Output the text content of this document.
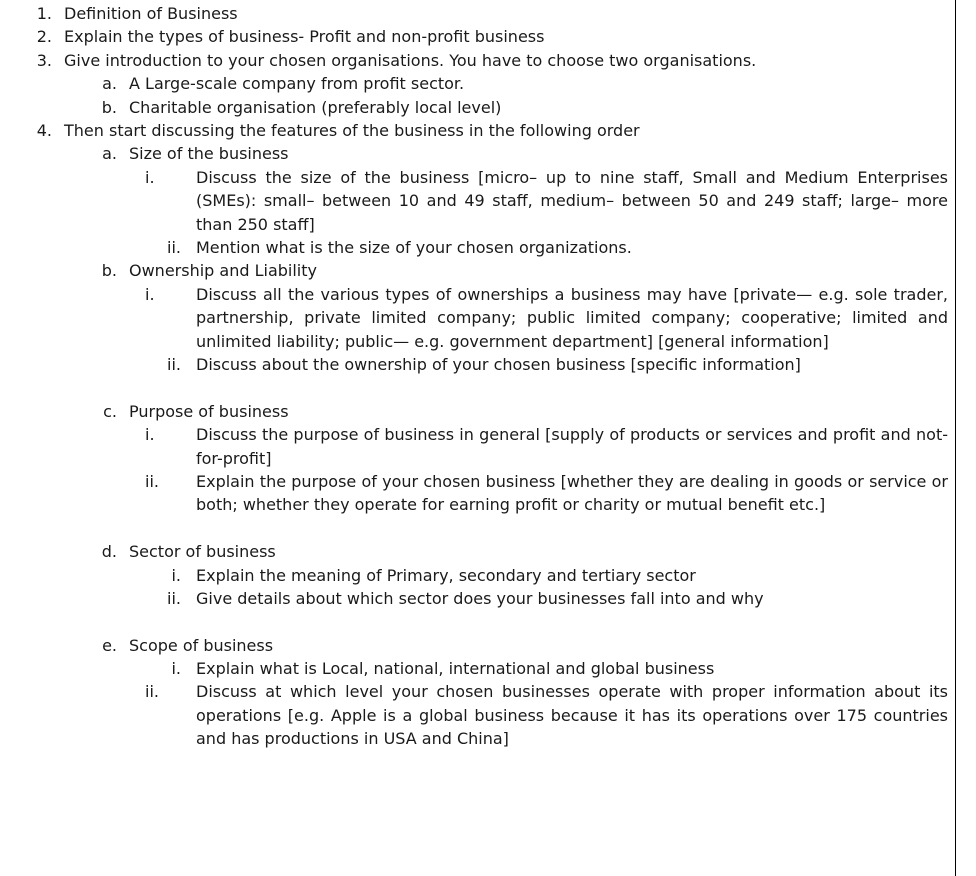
1. Definition of Business
2. Explain the types of business- Profit and non-profit business
3. Give introduction to your chosen organisations. You have to choose two organisations.
a. A Large-scale company from profit sector.
b. Charitable organisation (preferably local level)
4. Then start discussing the features of the business in the following order
a. Size of the business
i.	Discuss the size of the business [micro– up to nine staff, Small and Medium Enterprises (SMEs): small– between 10 and 49 staff, medium– between 50 and 249 staff; large– more than 250 staff]
ii. Mention what is the size of your chosen organizations.
b. Ownership and Liability
i.	Discuss all the various types of ownerships a business may have [private— e.g. sole trader, partnership, private limited company; public limited company; cooperative; limited and unlimited liability; public— e.g. government department] [general information]
ii. Discuss about the ownership of your chosen business [specific information]
c. Purpose of business
i.	Discuss the purpose of business in general [supply of products or services and profit and not-for-profit]
ii.	Explain the purpose of your chosen business [whether they are dealing in goods or service or both; whether they operate for earning profit or charity or mutual benefit etc.]
d. Sector of business
i. Explain the meaning of Primary, secondary and tertiary sector
ii. Give details about which sector does your businesses fall into and why
e. Scope of business
i. Explain what is Local, national, international and global business
ii.	Discuss at which level your chosen businesses operate with proper information about its operations [e.g. Apple is a global business because it has its operations over 175 countries and has productions in USA and China]
